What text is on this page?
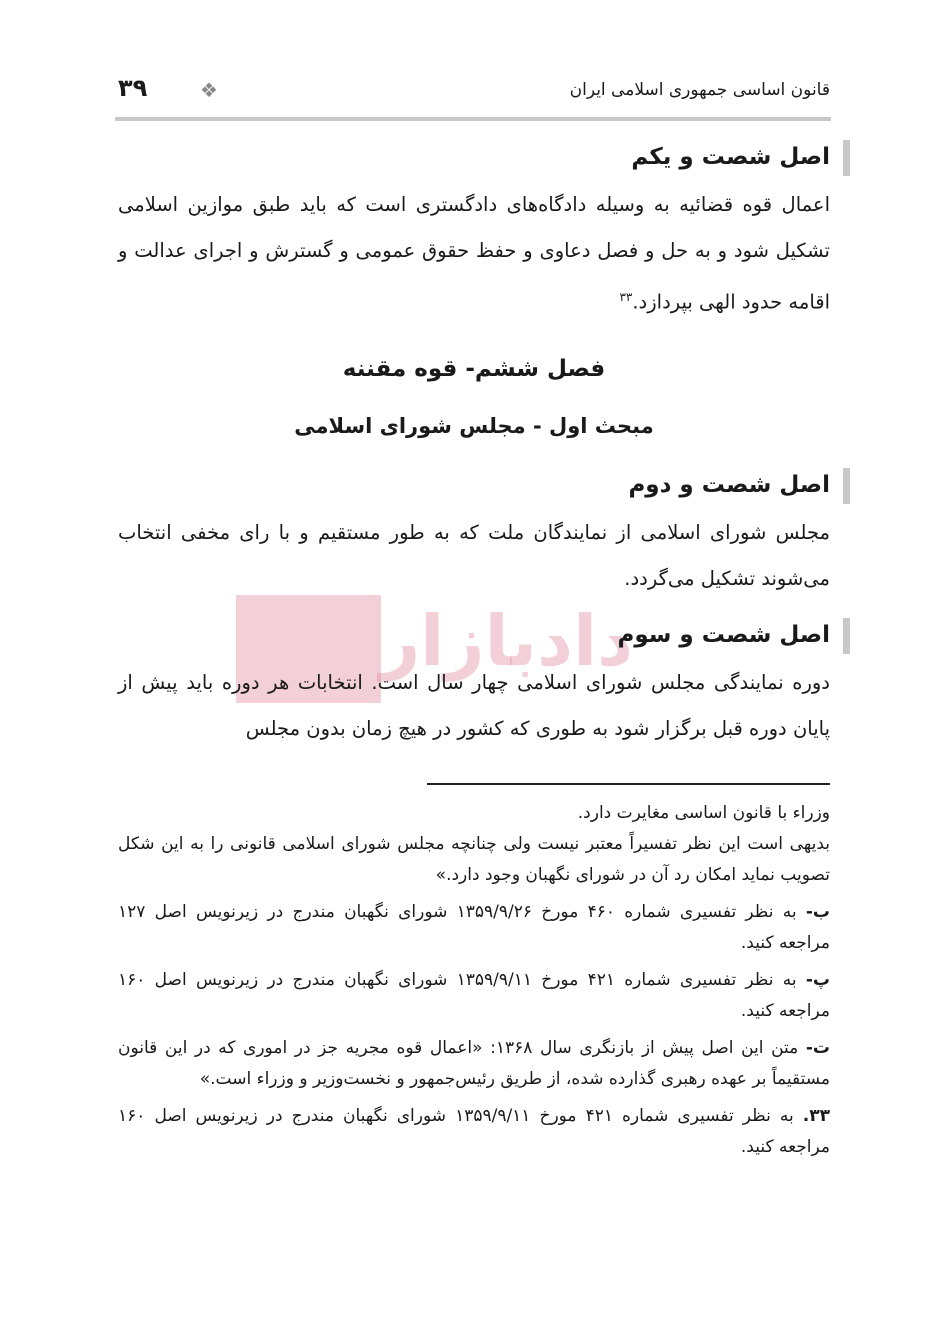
قانون اساسی جمهوری اسلامی ایران
❖
۳۹
دادبازار
اصل شصت و یکم

اعمال قوه قضائیه به وسیله دادگاه‌های دادگستری است که باید طبق موازین اسلامی تشکیل شود و به حل و فصل دعاوی و حفظ حقوق عمومی و گسترش و اجرای عدالت و اقامه حدود الهی بپردازد.$^{۳۳}$

فصل ششم- قوه مقننه
مبحث اول - مجلس شورای اسلامی
اصل شصت و دوم

مجلس شورای اسلامی از نمایندگان ملت که به طور مستقیم و با رای مخفی انتخاب می‌شوند تشکیل می‌گردد.

اصل شصت و سوم

دوره نمایندگی مجلس شورای اسلامی چهار سال است. انتخابات هر دوره باید پیش از پایان دوره قبل برگزار شود به طوری که کشور در هیچ زمان بدون مجلس

وزراء با قانون اساسی مغایرت دارد.
بدیهی است این نظر تفسیراً معتبر نیست ولی چنانچه مجلس شورای اسلامی قانونی را به این شکل تصویب نماید امکان رد آن در شورای نگهبان وجود دارد.»
ب- به نظر تفسیری شماره ۴۶۰ مورخ ۱۳۵۹/۹/۲۶ شورای نگهبان مندرج در زیرنویس اصل ۱۲۷ مراجعه کنید.
پ- به نظر تفسیری شماره ۴۲۱ مورخ ۱۳۵۹/۹/۱۱ شورای نگهبان مندرج در زیرنویس اصل ۱۶۰ مراجعه کنید.
ت- متن این اصل پیش از بازنگری سال ۱۳۶۸: «اعمال قوه مجریه جز در اموری که در این قانون مستقیماً بر عهده رهبری گذارده شده، از طریق رئیس‌جمهور و نخست‌وزیر و وزراء است.»
۳۳. به نظر تفسیری شماره ۴۲۱ مورخ ۱۳۵۹/۹/۱۱ شورای نگهبان مندرج در زیرنویس اصل ۱۶۰ مراجعه کنید.
